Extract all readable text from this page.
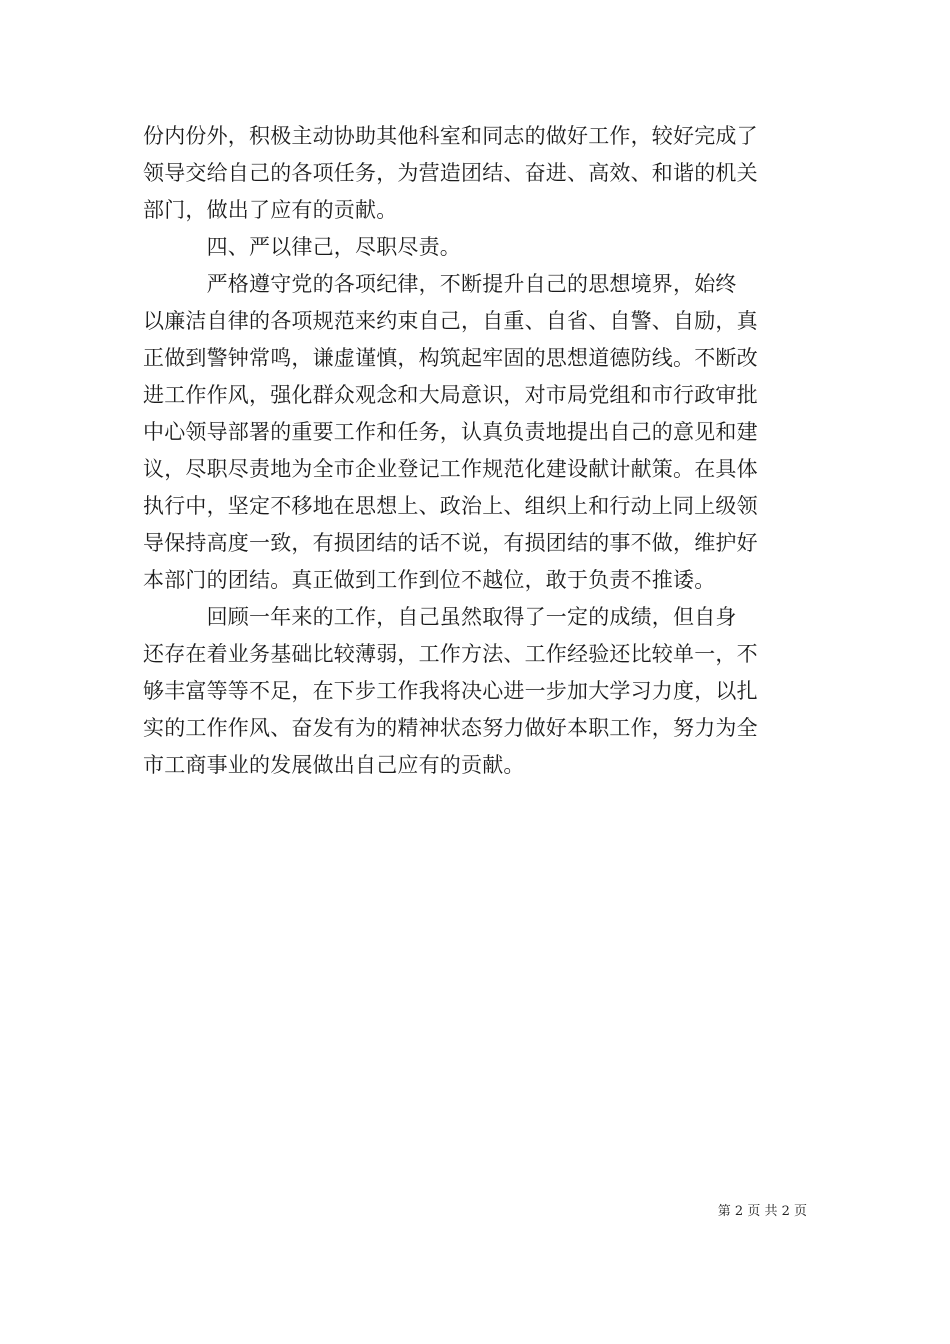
份内份外，积极主动协助其他科室和同志的做好工作，较好完成了
领导交给自己的各项任务，为营造团结、奋进、高效、和谐的机关
部门，做出了应有的贡献。
　　　四、严以律己，尽职尽责。
　　　严格遵守党的各项纪律，不断提升自己的思想境界，始终
以廉洁自律的各项规范来约束自己，自重、自省、自警、自励，真
正做到警钟常鸣，谦虚谨慎，构筑起牢固的思想道德防线。不断改
进工作作风，强化群众观念和大局意识，对市局党组和市行政审批
中心领导部署的重要工作和任务，认真负责地提出自己的意见和建
议，尽职尽责地为全市企业登记工作规范化建设献计献策。在具体
执行中，坚定不移地在思想上、政治上、组织上和行动上同上级领
导保持高度一致，有损团结的话不说，有损团结的事不做，维护好
本部门的团结。真正做到工作到位不越位，敢于负责不推诿。
　　　回顾一年来的工作，自己虽然取得了一定的成绩，但自身
还存在着业务基础比较薄弱，工作方法、工作经验还比较单一，不
够丰富等等不足，在下步工作我将决心进一步加大学习力度，以扎
实的工作作风、奋发有为的精神状态努力做好本职工作，努力为全
市工商事业的发展做出自己应有的贡献。
第 2 页 共 2 页
